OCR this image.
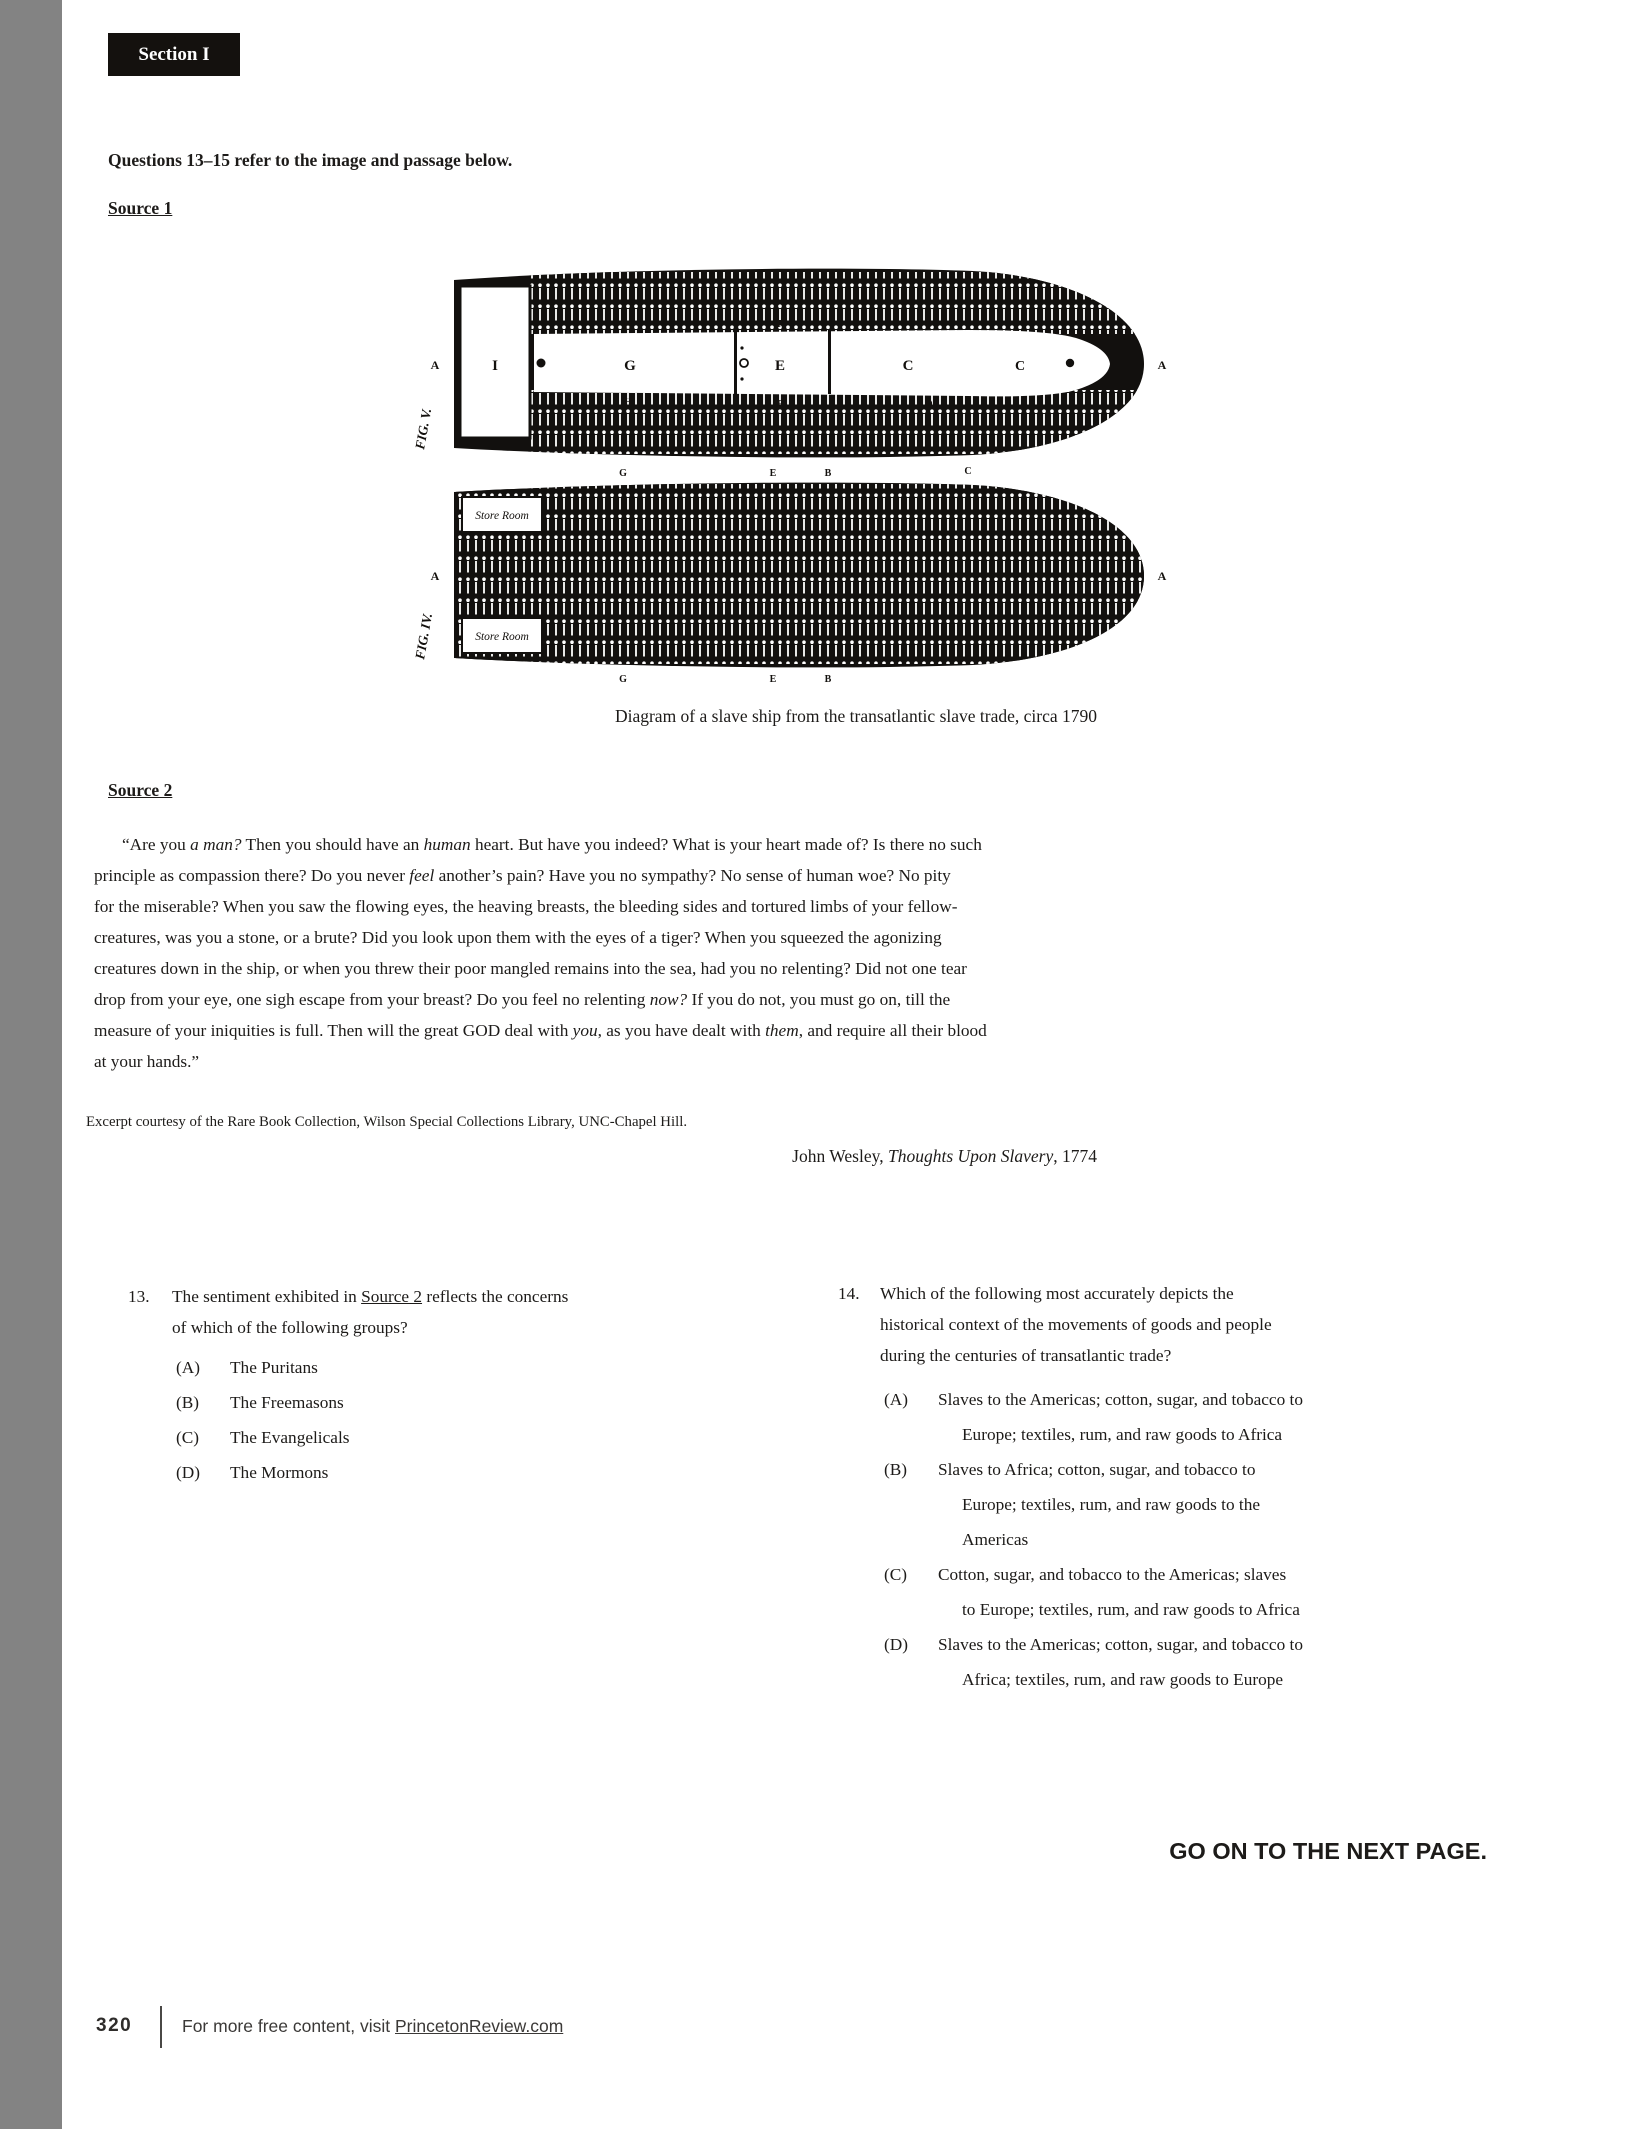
Section I
Questions 13–15 refer to the image and passage below.
Source 1
I	G	E	C	C
H
H
F
F
D
D
A	A
FIG. V.
G	E	B	C
Store Room
Store Room
A	A
FIG. IV.
G	E	B
Diagram of a slave ship from the transatlantic slave trade, circa 1790
Source 2
“Are you a man? Then you should have an human heart. But have you indeed? What is your heart made of? Is there no such
principle as compassion there? Do you never feel another’s pain? Have you no sympathy? No sense of human woe? No pity
for the miserable? When you saw the flowing eyes, the heaving breasts, the bleeding sides and tortured limbs of your fellow-
creatures, was you a stone, or a brute? Did you look upon them with the eyes of a tiger? When you squeezed the agonizing
creatures down in the ship, or when you threw their poor mangled remains into the sea, had you no relenting? Did not one tear
drop from your eye, one sigh escape from your breast? Do you feel no relenting now? If you do not, you must go on, till the
measure of your iniquities is full. Then will the great GOD deal with you, as you have dealt with them, and require all their blood
at your hands.”
Excerpt courtesy of the Rare Book Collection, Wilson Special Collections Library, UNC-Chapel Hill.
John Wesley, Thoughts Upon Slavery, 1774
13. The sentiment exhibited in Source 2 reflects the concerns
of which of the following groups?
(A) The Puritans
(B) The Freemasons
(C) The Evangelicals
(D) The Mormons
14. Which of the following most accurately depicts the
historical context of the movements of goods and people
during the centuries of transatlantic trade?
(A) Slaves to the Americas; cotton, sugar, and tobacco to
Europe; textiles, rum, and raw goods to Africa
(B) Slaves to Africa; cotton, sugar, and tobacco to
Europe; textiles, rum, and raw goods to the
Americas
(C) Cotton, sugar, and tobacco to the Americas; slaves
to Europe; textiles, rum, and raw goods to Africa
(D) Slaves to the Americas; cotton, sugar, and tobacco to
Africa; textiles, rum, and raw goods to Europe
GO ON TO THE NEXT PAGE.
320	For more free content, visit PrincetonReview.com
